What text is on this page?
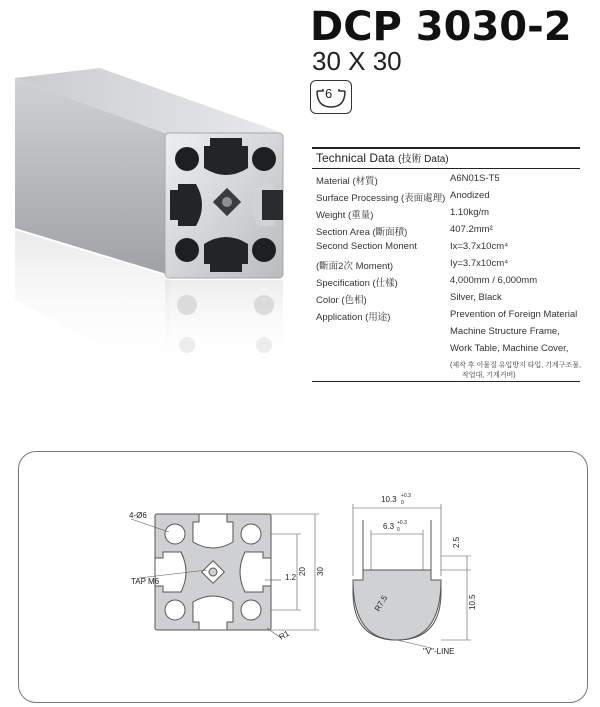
DCP 3030-2
30 X 30
6
Technical Data (技術 Data)
Material (材質)	A6N01S-T5
Surface Processing (表面處理) Anodized
Weight (重量)	1.10kg/m
Section Area (斷面積)	407.2mm²
Second Section Monent	Ix=3.7x10cm⁴
(斷面2次 Moment)	Iy=3.7x10cm⁴
Specification (仕樣)	4,000mm / 6,000mm
Color (色相)	Silver, Black
Application (用途)	Prevention of Foreign Material
Machine Structure Frame,
Work Table, Machine Cover,
(제작 후 이물질 유입방지 타입, 기계구조물,
작업대, 기계커버)
4-Ø6
TAP M6	1.2
20 30
R1
10.3 +0.3
0
6.3 +0.3
0
2.5
10.5
R7.5
"V"-LINE
